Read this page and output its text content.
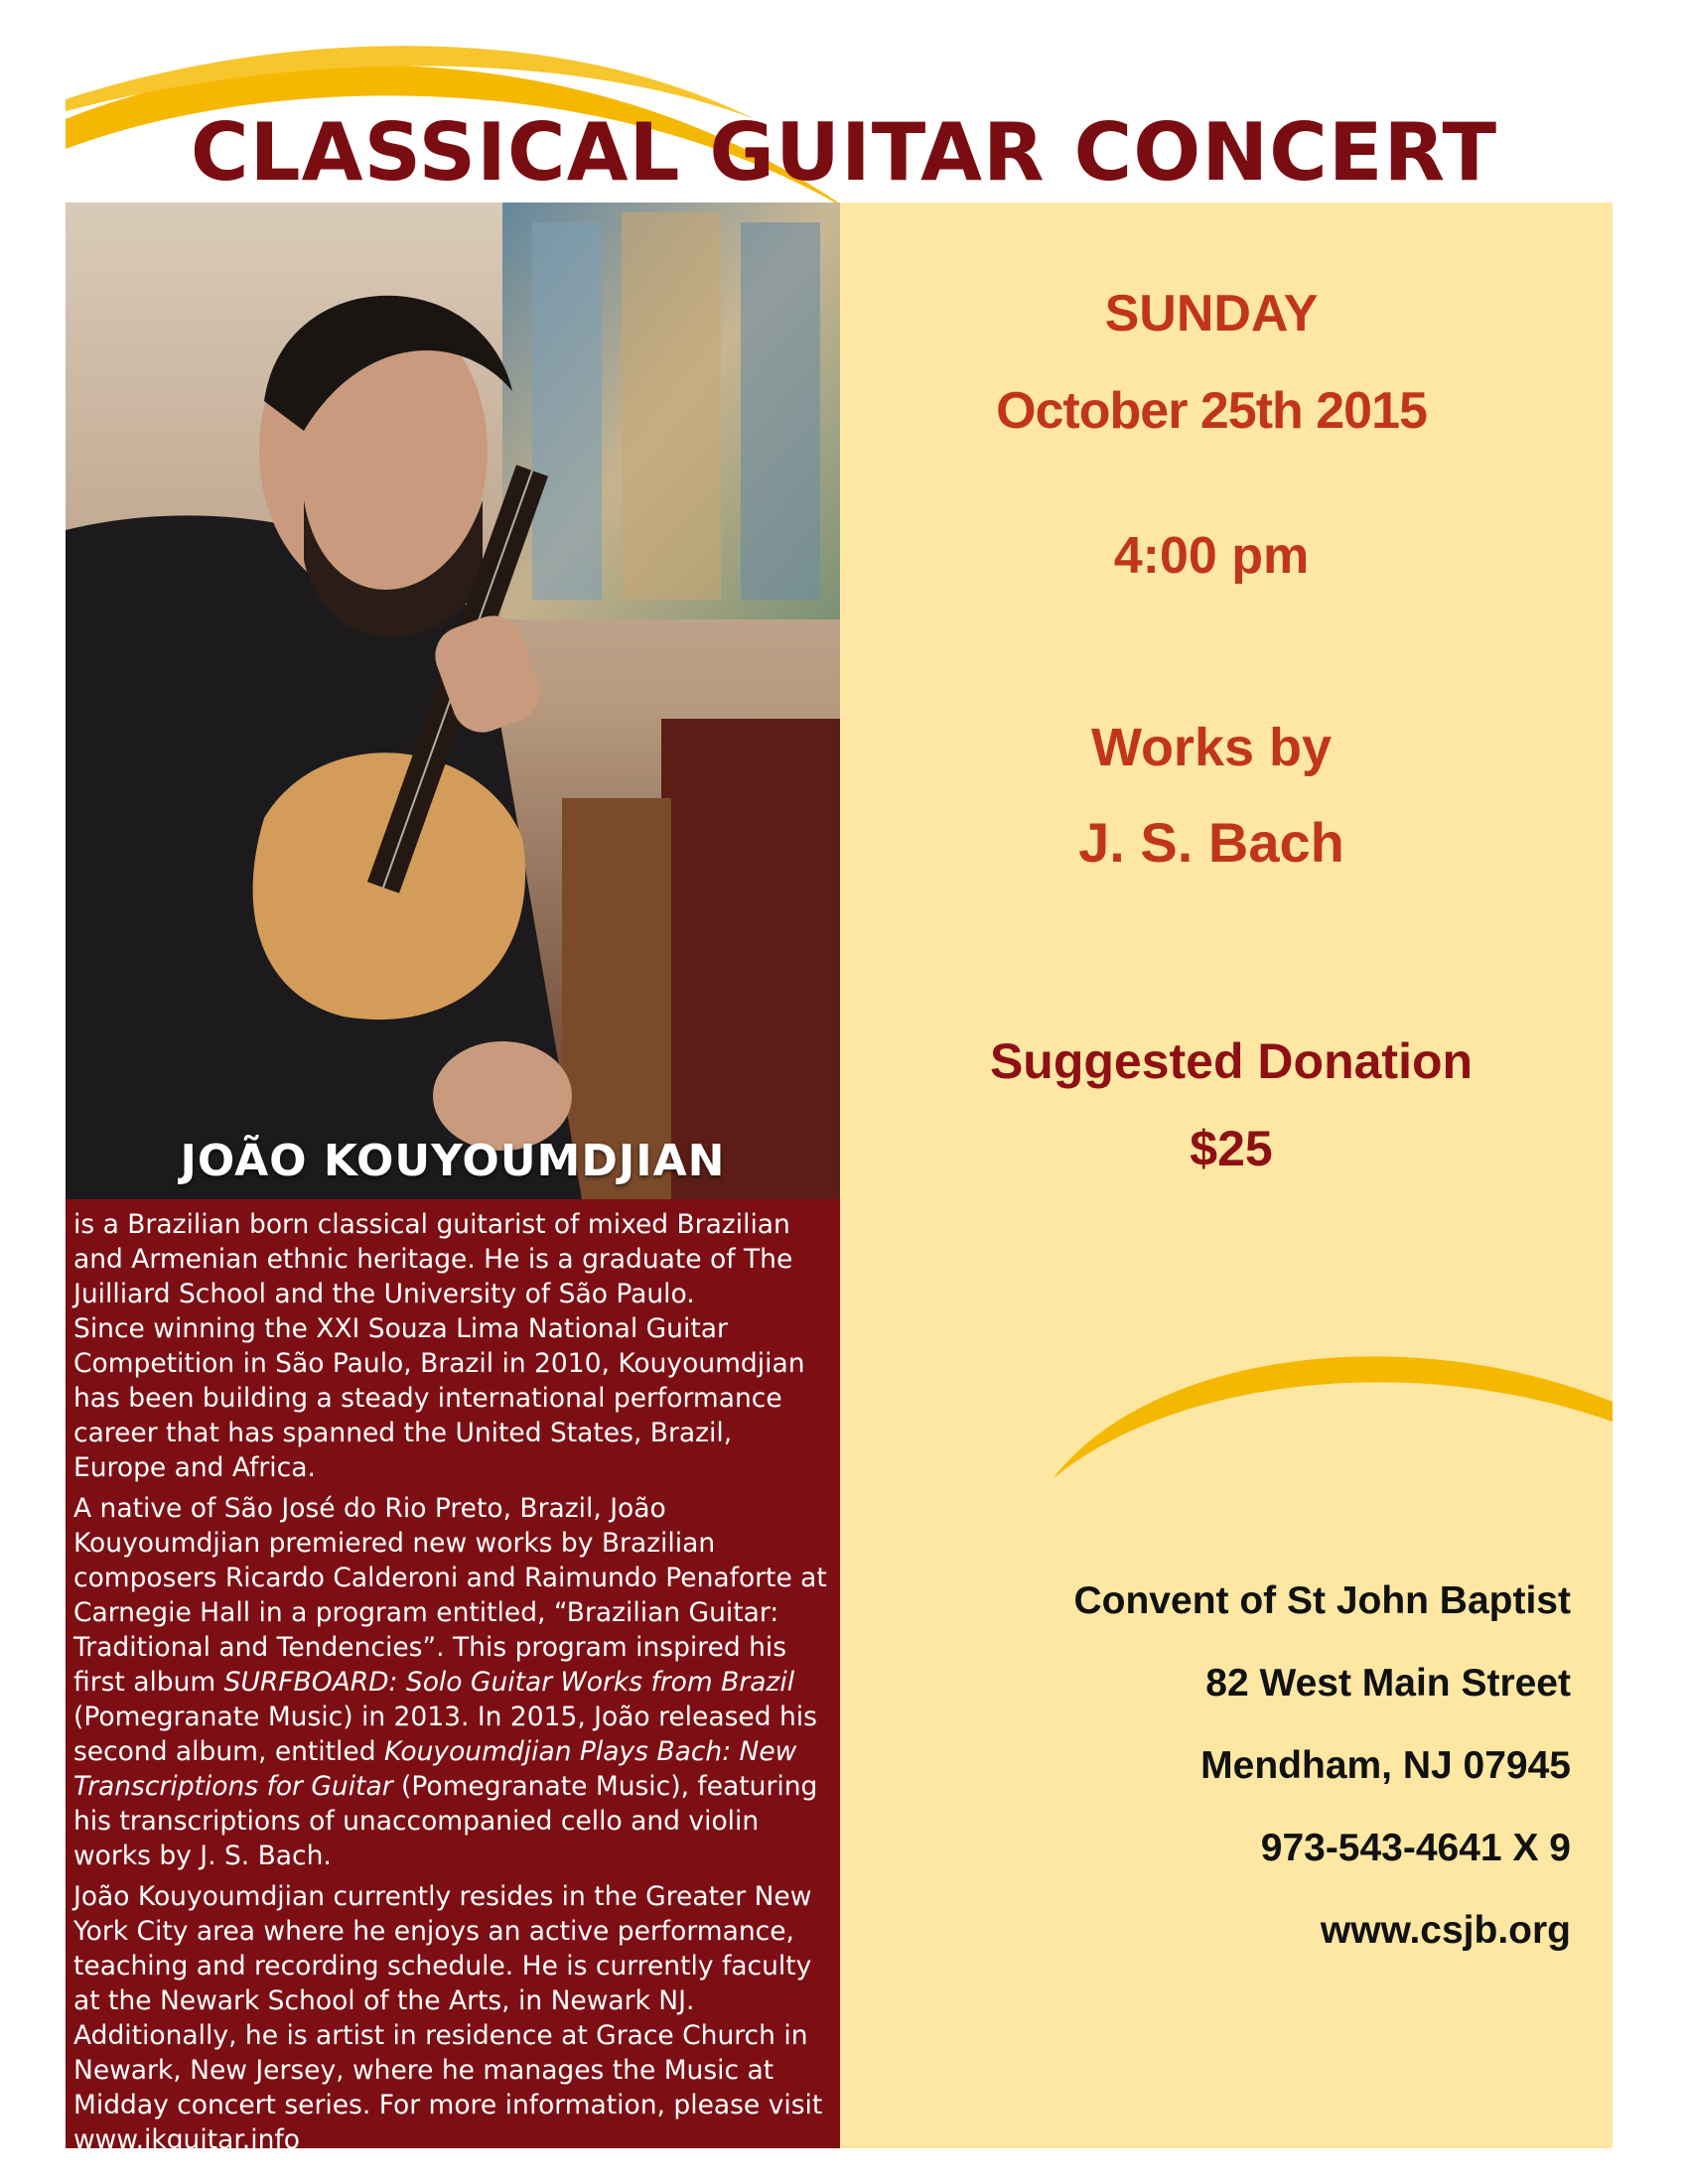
CLASSICAL GUITAR CONCERT
JOÃO KOUYOUMDJIAN

is a Brazilian born classical guitarist of mixed Brazilian and Armenian ethnic heritage. He is a graduate of The Juilliard School and the University of São Paulo.

Since winning the XXI Souza Lima National Guitar Competition in São Paulo, Brazil in 2010, Kouyoumdjian has been building a steady international performance career that has spanned the United States, Brazil, Europe and Africa.

A native of São José do Rio Preto, Brazil, João Kouyoumdjian premiered new works by Brazilian composers Ricardo Calderoni and Raimundo Penaforte at Carnegie Hall in a program entitled, “Brazilian Guitar: Traditional and Tendencies”. This program inspired his first album SURFBOARD: Solo Guitar Works from Brazil (Pomegranate Music) in 2013. In 2015, João released his second album, entitled Kouyoumdjian Plays Bach: New Transcriptions for Guitar (Pomegranate Music), featuring his transcriptions of unaccompanied cello and violin works by J. S. Bach.

João Kouyoumdjian currently resides in the Greater New York City area where he enjoys an active performance, teaching and recording schedule. He is currently faculty at the Newark School of the Arts, in Newark NJ. Additionally, he is artist in residence at Grace Church in Newark, New Jersey, where he manages the Music at Midday concert series. For more information, please visit www.jkguitar.info

SUNDAY
October 25th 2015
4:00 pm
Works by
J. S. Bach
Suggested Donation
$25
Convent of St John Baptist
82 West Main Street
Mendham, NJ 07945
973-543-4641 X 9
www.csjb.org
